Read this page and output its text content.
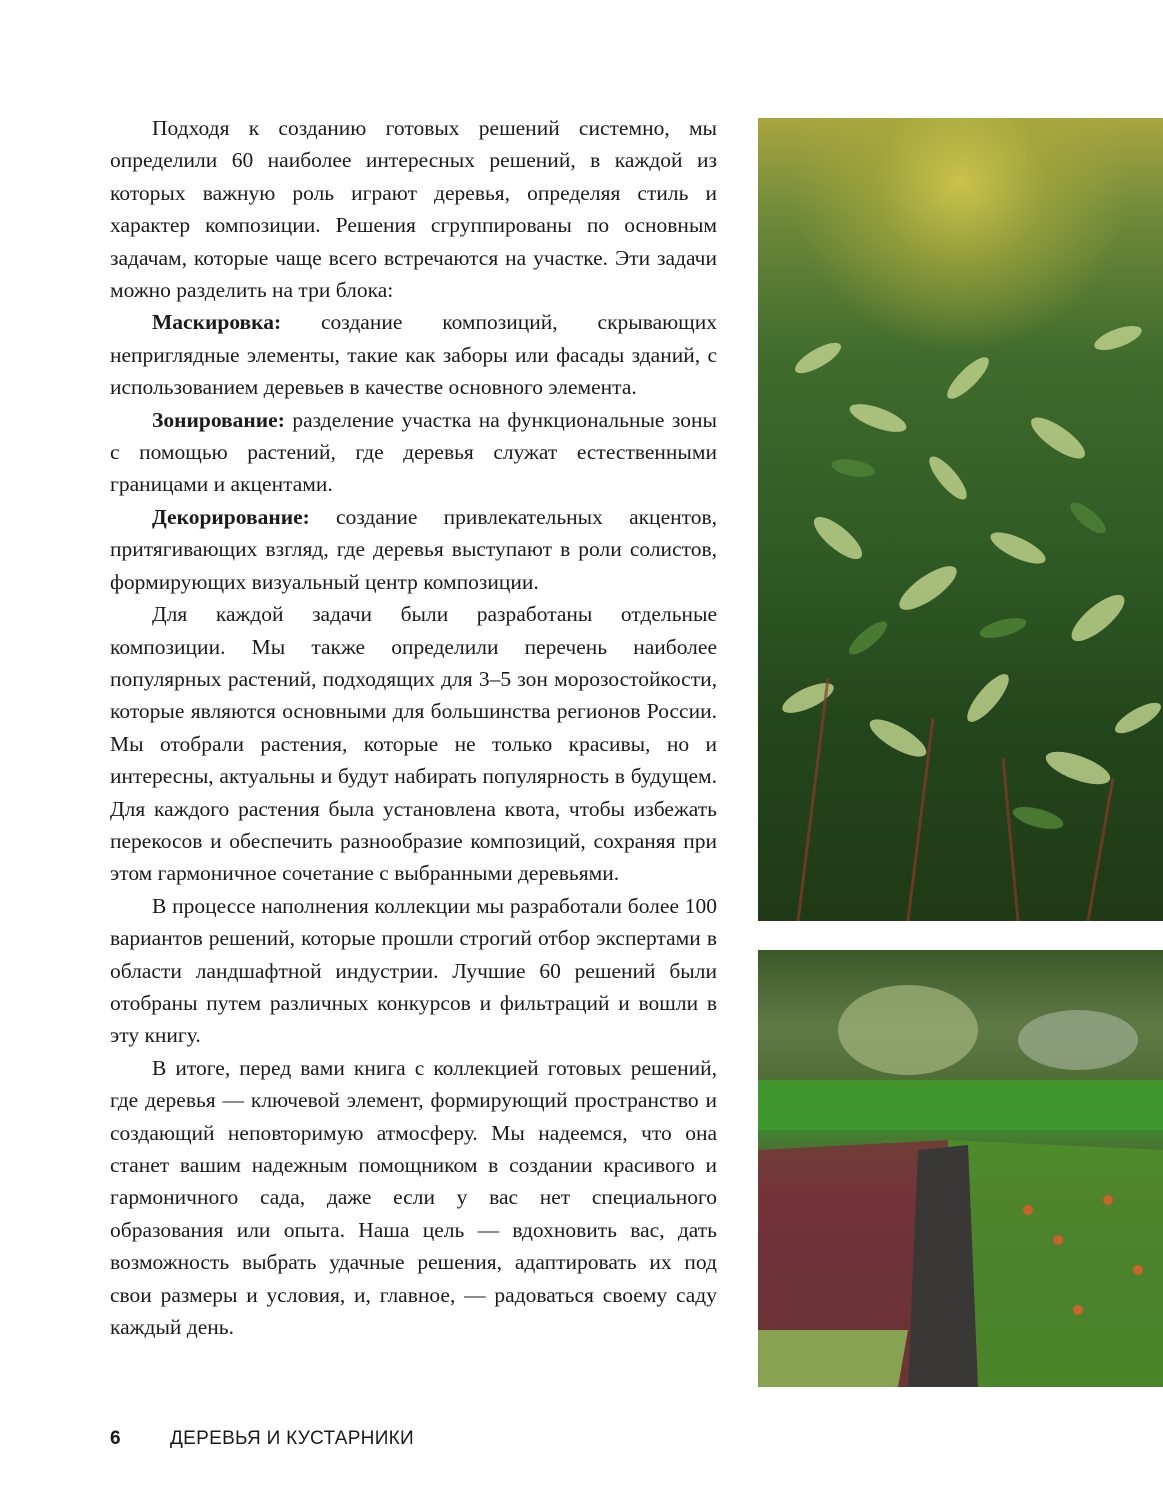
Подходя к созданию готовых решений системно, мы определили 60 наиболее интересных решений, в каждой из которых важную роль играют деревья, определяя стиль и характер композиции. Решения сгруппированы по основным задачам, которые чаще всего встречаются на участке. Эти задачи можно разделить на три блока:

Маскировка: создание композиций, скрывающих неприглядные элементы, такие как заборы или фасады зданий, с использованием деревьев в качестве основного элемента.

Зонирование: разделение участка на функциональные зоны с помощью растений, где деревья служат естественными границами и акцентами.

Декорирование: создание привлекательных акцентов, притягивающих взгляд, где деревья выступают в роли солистов, формирующих визуальный центр композиции.

Для каждой задачи были разработаны отдельные композиции. Мы также определили перечень наиболее популярных растений, подходящих для 3–5 зон морозостойкости, которые являются основными для большинства регионов России. Мы отобрали растения, которые не только красивы, но и интересны, актуальны и будут набирать популярность в будущем. Для каждого растения была установлена квота, чтобы избежать перекосов и обеспечить разнообразие композиций, сохраняя при этом гармоничное сочетание с выбранными деревьями.

В процессе наполнения коллекции мы разработали более 100 вариантов решений, которые прошли строгий отбор экспертами в области ландшафтной индустрии. Лучшие 60 решений были отобраны путем различных конкурсов и фильтраций и вошли в эту книгу.

В итоге, перед вами книга с коллекцией готовых решений, где деревья — ключевой элемент, формирующий пространство и создающий неповторимую атмосферу. Мы надеемся, что она станет вашим надежным помощником в создании красивого и гармоничного сада, даже если у вас нет специального образования или опыта. Наша цель — вдохновить вас, дать возможность выбрать удачные решения, адаптировать их под свои размеры и условия, и, главное, — радоваться своему саду каждый день.

6	ДЕРЕВЬЯ И КУСТАРНИКИ
